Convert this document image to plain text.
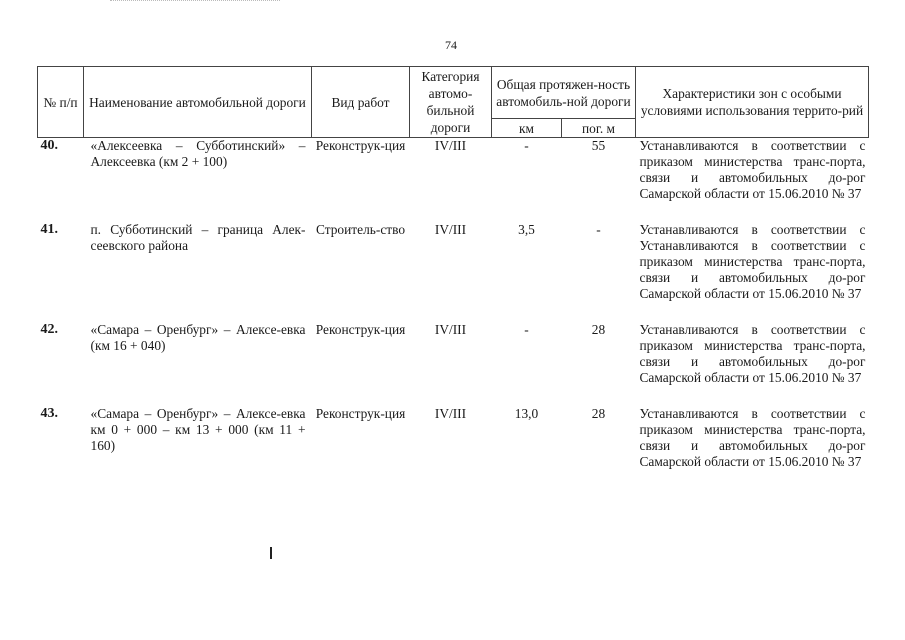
74
№ п/п	Наименование автомобильной дороги	Вид работ	Категория автомо-бильной дороги	Общая протяжен-ность автомобиль-ной дороги		Характеристики зон с особыми условиями использования террито-рий
				км	пог. м	
40.	«Алексеевка – Субботинский» – Алексеевка (км 2 + 100)	Реконструк-ция	IV/III	-	55	Устанавливаются в соответствии с приказом министерства транс-порта, связи и автомобильных до-рог Самарской области от 15.06.2010 № 37
41.	п. Субботинский – граница Алек-сеевского района	Строитель-ство	IV/III	3,5	-	Устанавливаются в соответствии с Устанавливаются в соответствии с приказом министерства транс-порта, связи и автомобильных до-рог Самарской области от 15.06.2010 № 37
42.	«Самара – Оренбург» – Алексе-евка (км 16 + 040)	Реконструк-ция	IV/III	-	28	Устанавливаются в соответствии с приказом министерства транс-порта, связи и автомобильных до-рог Самарской области от 15.06.2010 № 37
43.	«Самара – Оренбург» – Алексе-евка км 0 + 000 – км 13 + 000 (км 11 + 160)	Реконструк-ция	IV/III	13,0	28	Устанавливаются в соответствии с приказом министерства транс-порта, связи и автомобильных до-рог Самарской области от 15.06.2010 № 37
